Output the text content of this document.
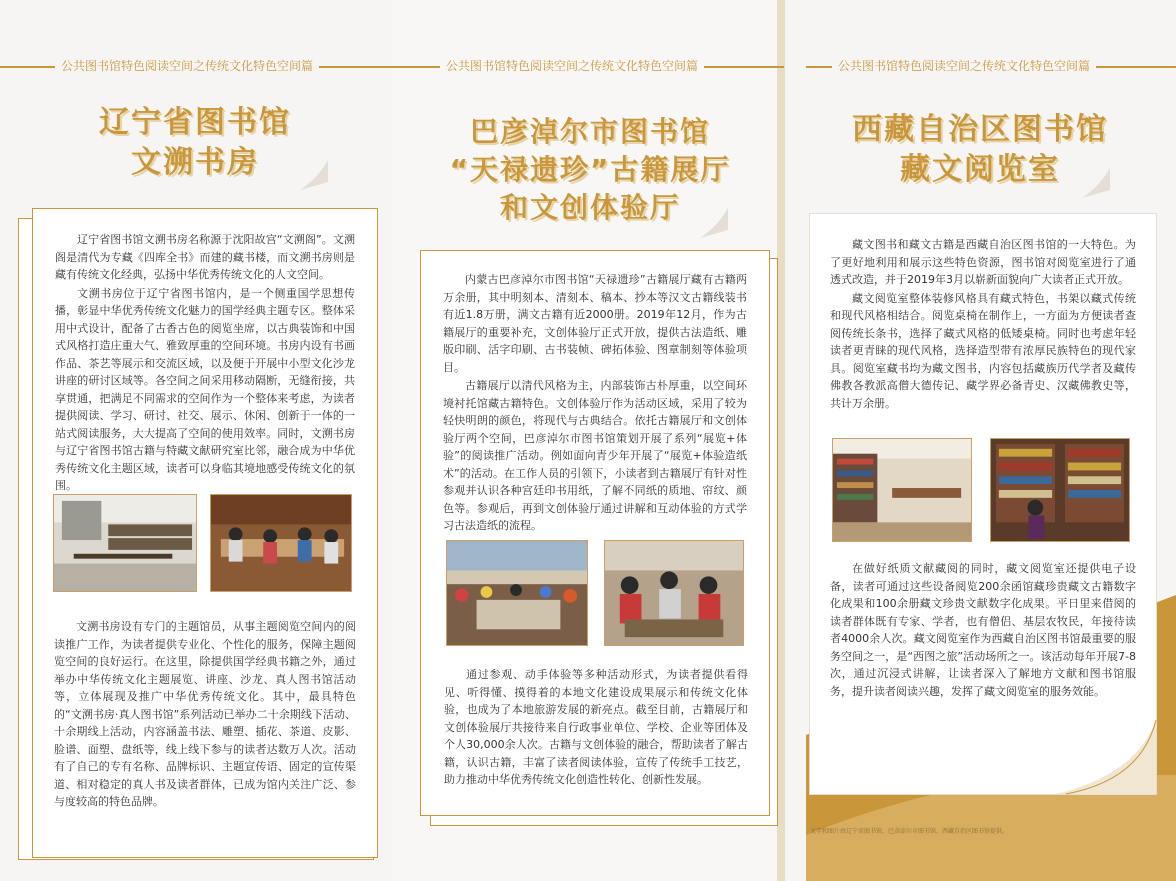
公共图书馆特色阅读空间之传统文化特色空间篇	公共图书馆特色阅读空间之传统文化特色空间篇	公共图书馆特色阅读空间之传统文化特色空间篇
辽宁省图书馆
文溯书房

辽宁省图书馆文溯书房名称源于沈阳故宫“文溯阁”。文溯阁是清代为专藏《四库全书》而建的藏书楼，而文溯书房则是藏有传统文化经典，弘扬中华优秀传统文化的人文空间。

文溯书房位于辽宁省图书馆内，是一个侧重国学思想传播，彰显中华优秀传统文化魅力的国学经典主题专区。整体采用中式设计，配备了古香古色的阅览坐席，以古典装饰和中国式风格打造庄重大气、雅致厚重的空间环境。书房内设有书画作品、茶艺等展示和交流区域，以及便于开展中小型文化沙龙讲座的研讨区域等。各空间之间采用移动隔断，无缝衔接，共享贯通，把满足不同需求的空间作为一个整体来考虑，为读者提供阅读、学习、研讨、社交、展示、休闲、创新于一体的一站式阅读服务，大大提高了空间的使用效率。同时，文溯书房与辽宁省图书馆古籍与特藏文献研究室比邻，融合成为中华优秀传统文化主题区域，读者可以身临其境地感受传统文化的氛围。

文溯书房设有专门的主题馆员，从事主题阅览空间内的阅读推广工作，为读者提供专业化、个性化的服务，保障主题阅览空间的良好运行。在这里，除提供国学经典书籍之外，通过举办中华传统文化主题展览、讲座、沙龙、真人图书馆活动等，立体展现及推广中华优秀传统文化。其中，最具特色的“文溯书房·真人图书馆”系列活动已举办二十余期线下活动、十余期线上活动，内容涵盖书法、雕塑、插花、茶道、皮影、脸谱、面塑、盘纸等，线上线下参与的读者达数万人次。活动有了自己的专有名称、品牌标识、主题宣传语、固定的宣传渠道、相对稳定的真人书及读者群体，已成为馆内关注广泛、参与度较高的特色品牌。

巴彦淖尔市图书馆
“天禄遗珍”古籍展厅
和文创体验厅

内蒙古巴彦淖尔市图书馆“天禄遗珍”古籍展厅藏有古籍两万余册，其中明刻本、清刻本、稿本、抄本等汉文古籍线装书有近1.8万册，满文古籍有近2000册。2019年12月，作为古籍展厅的重要补充，文创体验厅正式开放，提供古法造纸、雕版印刷、活字印刷、古书装帧、碑拓体验、图章制刻等体验项目。

古籍展厅以清代风格为主，内部装饰古朴厚重，以空间环境衬托馆藏古籍特色。文创体验厅作为活动区域，采用了较为轻快明朗的颜色，将现代与古典结合。依托古籍展厅和文创体验厅两个空间，巴彦淖尔市图书馆策划开展了系列“展览+体验”的阅读推广活动。例如面向青少年开展了“展览+体验造纸术”的活动。在工作人员的引领下，小读者到古籍展厅有针对性参观并认识各种宫廷印书用纸，了解不同纸的质地、帘纹、颜色等。参观后，再到文创体验厅通过讲解和互动体验的方式学习古法造纸的流程。

通过参观、动手体验等多种活动形式，为读者提供看得见、听得懂、摸得着的本地文化建设成果展示和传统文化体验，也成为了本地旅游发展的新亮点。截至目前，古籍展厅和文创体验展厅共接待来自行政事业单位、学校、企业等团体及个人30,000余人次。古籍与文创体验的融合，帮助读者了解古籍，认识古籍，丰富了读者阅读体验，宣传了传统手工技艺，助力推动中华优秀传统文化创造性转化、创新性发展。

西藏自治区图书馆
藏文阅览室

藏文图书和藏文古籍是西藏自治区图书馆的一大特色。为了更好地利用和展示这些特色资源，图书馆对阅览室进行了通透式改造，并于2019年3月以崭新面貌向广大读者正式开放。

藏文阅览室整体装修风格具有藏式特色，书架以藏式传统和现代风格相结合。阅览桌椅在制作上，一方面为方便读者查阅传统长条书，选择了藏式风格的低矮桌椅。同时也考虑年轻读者更青睐的现代风格，选择造型带有浓厚民族特色的现代家具。阅览室藏书均为藏文图书，内容包括藏族历代学者及藏传佛教各教派高僧大德传记、藏学界必备青史、汉藏佛教史等，共计万余册。

在做好纸质文献藏阅的同时，藏文阅览室还提供电子设备，读者可通过这些设备阅览200余函馆藏珍贵藏文古籍数字化成果和100余册藏文珍贵文献数字化成果。平日里来借阅的读者群体既有专家、学者，也有僧侣、基层农牧民，年接待读者4000余人次。藏文阅览室作为西藏自治区图书馆最重要的服务空间之一，是“西图之旅”活动场所之一。该活动每年开展7-8次，通过沉浸式讲解，让读者深入了解地方文献和图书馆服务，提升读者阅读兴趣，发挥了藏文阅览室的服务效能。

文字和图片由辽宁省图书馆、巴彦淖尔市图书馆、西藏自治区图书馆提供。
